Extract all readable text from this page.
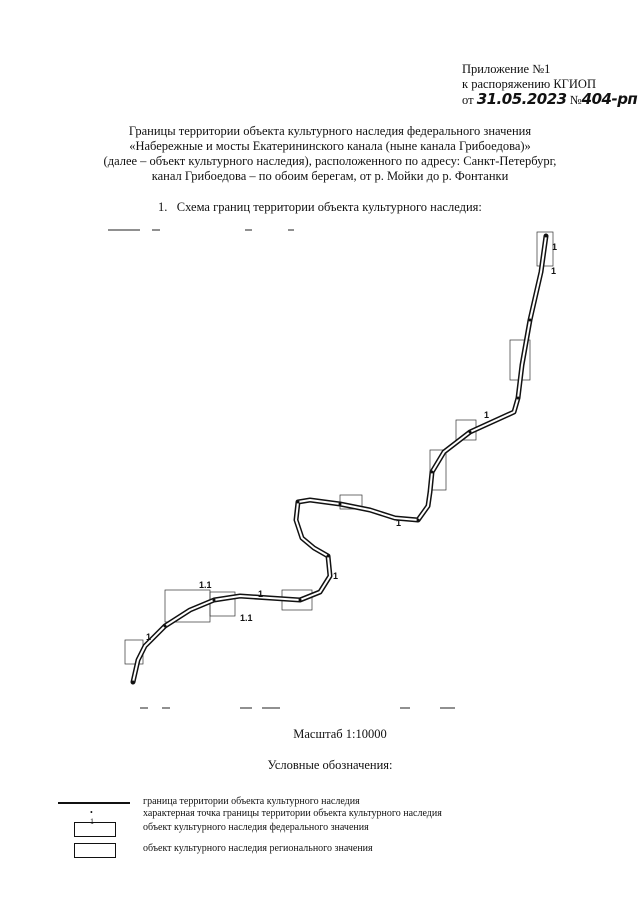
Приложение №1
к распоряжению КГИОП
от 31.05.2023 №404-рп
Границы территории объекта культурного наследия федерального значения
«Набережные и мосты Екатерининского канала (ныне канала Грибоедова)»
(далее – объект культурного наследия), расположенного по адресу: Санкт-Петербург,
канал Грибоедова – по обоим берегам, от р. Мойки до р. Фонтанки
1. Схема границ территории объекта культурного наследия:
1
1
1
1
1
1
1.1
1.1
1
Масштаб 1:10000
Условные обозначения:
граница территории объекта культурного наследия
• 1
характерная точка границы территории объекта культурного наследия
объект культурного наследия федерального значения
объект культурного наследия регионального значения
